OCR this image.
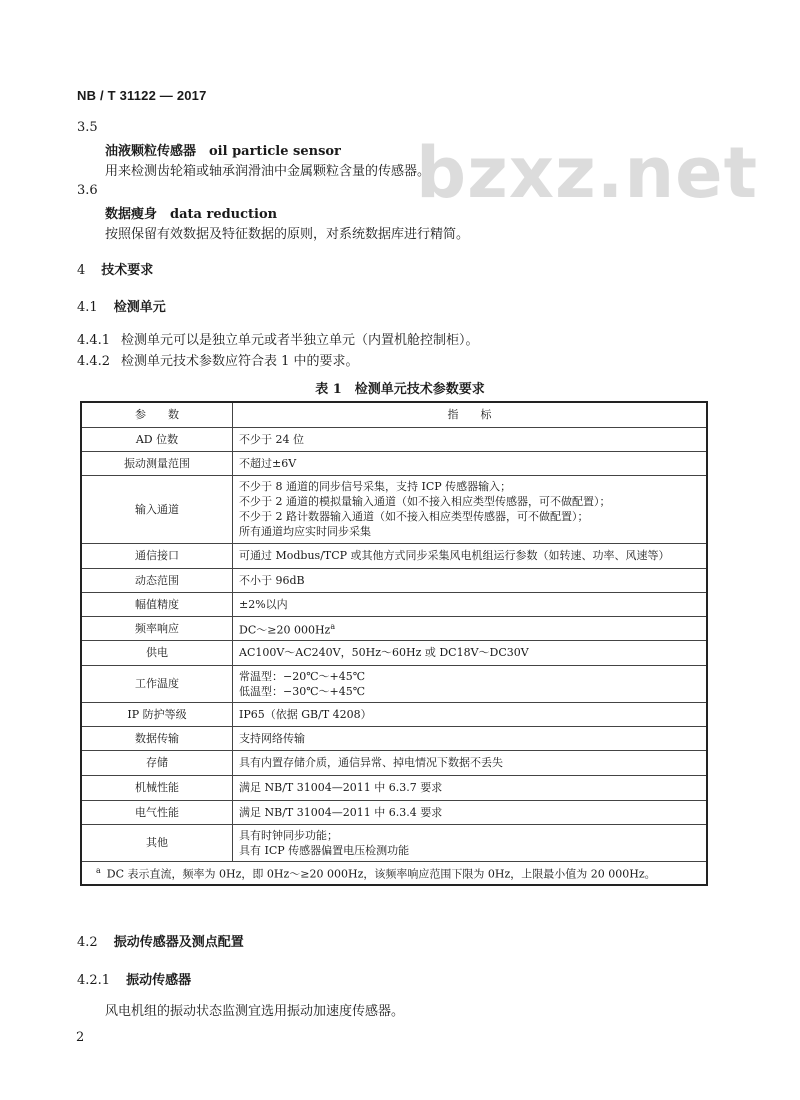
NB / T 31122 — 2017
bzxz.net
3.5
油液颗粒传感器　oil particle sensor
用来检测齿轮箱或轴承润滑油中金属颗粒含量的传感器。
3.6
数据瘦身　data reduction
按照保留有效数据及特征数据的原则，对系统数据库进行精简。
4 技术要求
4.1 检测单元
4.4.1 检测单元可以是独立单元或者半独立单元（内置机舱控制柜）。
4.4.2 检测单元技术参数应符合表 1 中的要求。
表 1　检测单元技术参数要求
参　　数	指　　标
AD 位数	不少于 24 位
振动测量范围	不超过±6V
输入通道	不少于 8 通道的同步信号采集，支持 ICP 传感器输入；
不少于 2 通道的模拟量输入通道（如不接入相应类型传感器，可不做配置）；
不少于 2 路计数器输入通道（如不接入相应类型传感器，可不做配置）；
所有通道均应实时同步采集

通信接口	可通过 Modbus/TCP 或其他方式同步采集风电机组运行参数（如转速、功率、风速等）
动态范围	不小于 96dB
幅值精度	±2%以内
频率响应	DC～≥20 000Hz$^a$
供电	AC100V～AC240V，50Hz～60Hz 或 DC18V～DC30V
工作温度	常温型：−20℃～+45℃
低温型：−30℃～+45℃

IP 防护等级	IP65（依据 GB/T 4208）
数据传输	支持网络传输
存储	具有内置存储介质，通信异常、掉电情况下数据不丢失
机械性能	满足 NB/T 31004—2011 中 6.3.7 要求
电气性能	满足 NB/T 31004—2011 中 6.3.4 要求
其他	具有时钟同步功能；
具有 ICP 传感器偏置电压检测功能

$^a$ DC 表示直流，频率为 0Hz，即 0Hz～≥20 000Hz，该频率响应范围下限为 0Hz，上限最小值为 20 000Hz。	
4.2 振动传感器及测点配置
4.2.1 振动传感器
风电机组的振动状态监测宜选用振动加速度传感器。
2
